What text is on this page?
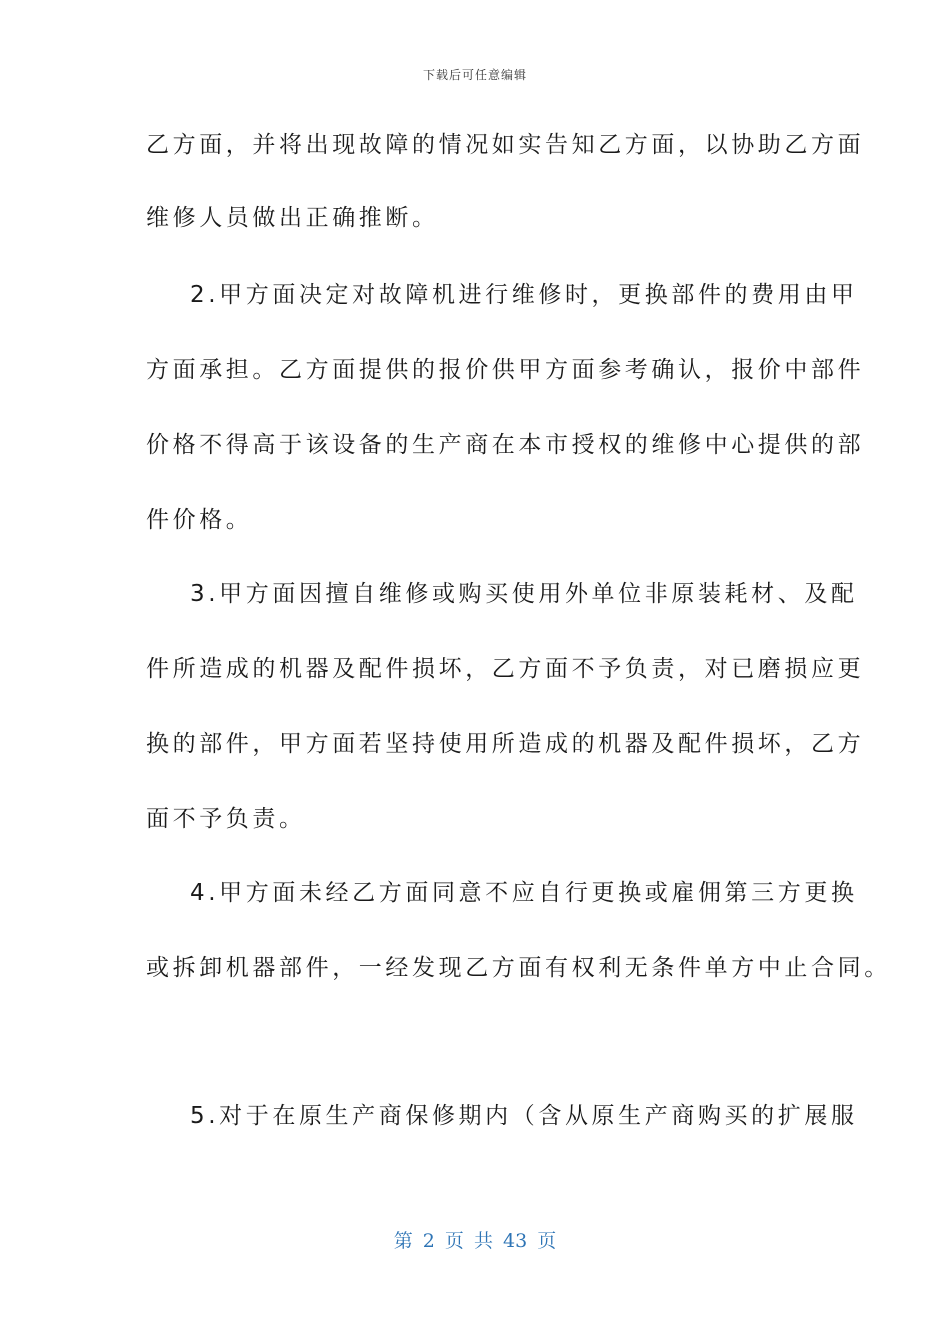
下载后可任意编辑
乙方面，并将出现故障的情况如实告知乙方面，以协助乙方面
维修人员做出正确推断。
2.甲方面决定对故障机进行维修时，更换部件的费用由甲
方面承担。乙方面提供的报价供甲方面参考确认，报价中部件
价格不得高于该设备的生产商在本市授权的维修中心提供的部
件价格。
3.甲方面因擅自维修或购买使用外单位非原装耗材、及配
件所造成的机器及配件损坏，乙方面不予负责，对已磨损应更
换的部件，甲方面若坚持使用所造成的机器及配件损坏，乙方
面不予负责。
4.甲方面未经乙方面同意不应自行更换或雇佣第三方更换
或拆卸机器部件，一经发现乙方面有权利无条件单方中止合同。
5.对于在原生产商保修期内（含从原生产商购买的扩展服
第 2 页 共 43 页
